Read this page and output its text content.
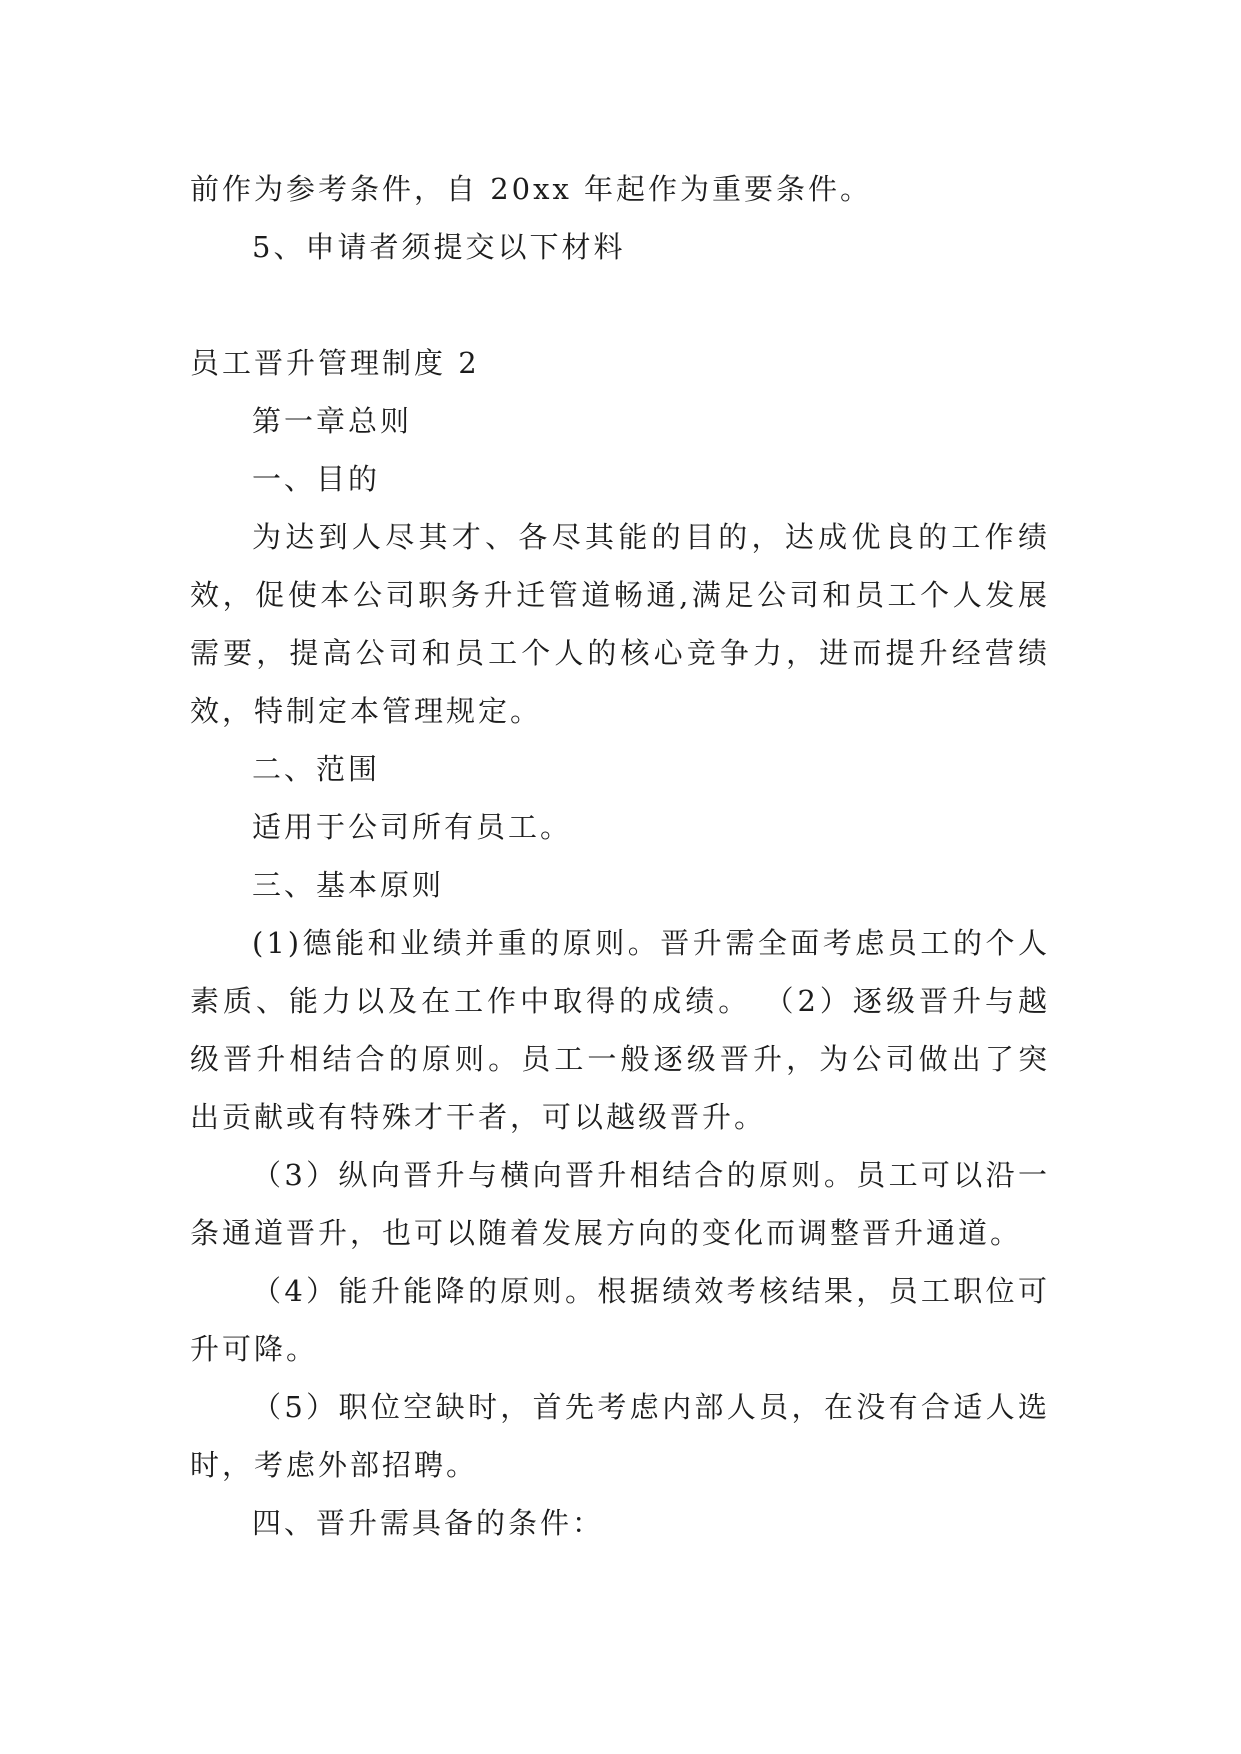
前作为参考条件，自 20xx 年起作为重要条件。

5、申请者须提交以下材料

员工晋升管理制度 2

第一章总则

一、目的

为达到人尽其才、各尽其能的目的，达成优良的工作绩效，促使本公司职务升迁管道畅通,满足公司和员工个人发展需要，提高公司和员工个人的核心竞争力，进而提升经营绩效，特制定本管理规定。

二、范围

适用于公司所有员工。

三、基本原则

(1)德能和业绩并重的原则。晋升需全面考虑员工的个人素质、能力以及在工作中取得的成绩。 （2）逐级晋升与越级晋升相结合的原则。员工一般逐级晋升，为公司做出了突出贡献或有特殊才干者，可以越级晋升。

（3）纵向晋升与横向晋升相结合的原则。员工可以沿一条通道晋升，也可以随着发展方向的变化而调整晋升通道。

（4）能升能降的原则。根据绩效考核结果，员工职位可升可降。

（5）职位空缺时，首先考虑内部人员，在没有合适人选时，考虑外部招聘。

四、晋升需具备的条件：
